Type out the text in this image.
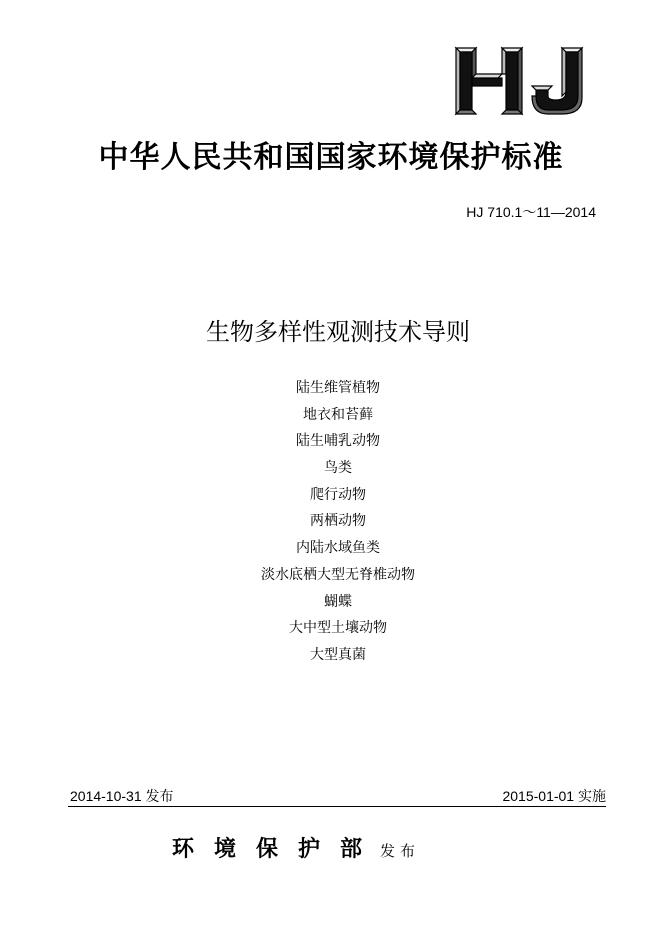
中华人民共和国国家环境保护标准
HJ 710.1～11—2014
生物多样性观测技术导则
陆生维管植物
地衣和苔藓
陆生哺乳动物
鸟类
爬行动物
两栖动物
内陆水域鱼类
淡水底栖大型无脊椎动物
蝴蝶
大中型土壤动物
大型真菌
2014-10-31 发布	2015-01-01 实施
环境保护部
发布
